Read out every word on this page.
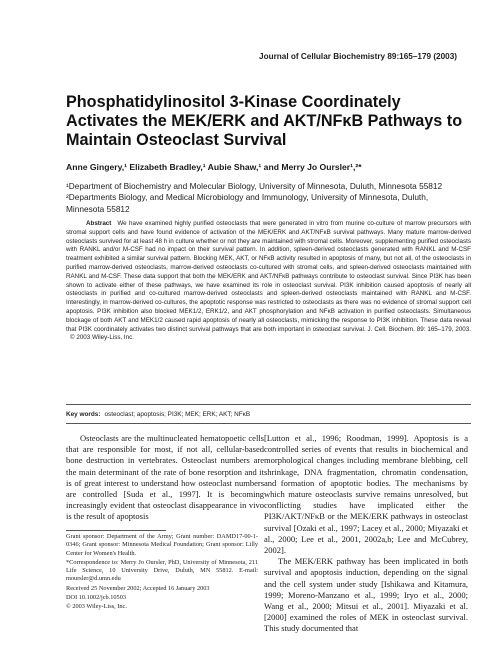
Journal of Cellular Biochemistry 89:165–179 (2003)
Phosphatidylinositol 3-Kinase Coordinately Activates the MEK/ERK and AKT/NFκB Pathways to Maintain Osteoclast Survival
Anne Gingery,¹ Elizabeth Bradley,¹ Aubie Shaw,¹ and Merry Jo Oursler¹,²*
¹Department of Biochemistry and Molecular Biology, University of Minnesota, Duluth, Minnesota 55812
²Departments Biology, and Medical Microbiology and Immunology, University of Minnesota, Duluth, Minnesota 55812
Abstract We have examined highly purified osteoclasts that were generated in vitro from murine co-culture of marrow precursors with stromal support cells and have found evidence of activation of the MEK/ERK and AKT/NFκB survival pathways. Many mature marrow-derived osteoclasts survived for at least 48 h in culture whether or not they are maintained with stromal cells. Moreover, supplementing purified osteoclasts with RANKL and/or M-CSF had no impact on their survival pattern. In addition, spleen-derived osteoclasts generated with RANKL and M-CSF treatment exhibited a similar survival pattern. Blocking MEK, AKT, or NFκB activity resulted in apoptosis of many, but not all, of the osteoclasts in purified marrow-derived osteoclasts, marrow-derived osteoclasts co-cultured with stromal cells, and spleen-derived osteoclasts maintained with RANKL and M-CSF. These data support that both the MEK/ERK and AKT/NFκB pathways contribute to osteoclast survival. Since PI3K has been shown to activate either of these pathways, we have examined its role in osteoclast survival. PI3K inhibition caused apoptosis of nearly all osteoclasts in purified and co-cultured marrow-derived osteoclasts and spleen-derived osteoclasts maintained with RANKL and M-CSF. Interestingly, in marrow-derived co-cultures, the apoptotic response was restricted to osteoclasts as there was no evidence of stromal support cell apoptosis. PI3K inhibition also blocked MEK1/2, ERK1/2, and AKT phosphorylation and NFκB activation in purified osteoclasts. Simultaneous blockage of both AKT and MEK1/2 caused rapid apoptosis of nearly all osteoclasts, mimicking the response to PI3K inhibition. These data reveal that PI3K coordinately activates two distinct survival pathways that are both important in osteoclast survival. J. Cell. Biochem. 89: 165–179, 2003. © 2003 Wiley-Liss, Inc.
Key words: osteoclast; apoptosis; PI3K; MEK; ERK; AKT; NFκB

Osteoclasts are the multinucleated hematopoetic cells that are responsible for most, if not all, cellular-based bone destruction in vertebrates. Osteoclast numbers are the main determinant of the rate of bone resorption and it is of great interest to understand how osteoclast numbers are controlled [Suda et al., 1997]. It is becoming increasingly evident that osteoclast disappearance in vivo is the result of apoptosis

Grant sponsor: Department of the Army; Grant number: DAMD17-00-1-0346; Grant sponsor: Minnesota Medical Foundation; Grant sponsor: Lilly Center for Women's Health.

*Correspondence to: Merry Jo Oursler, PhD, University of Minnesota, 211 Life Science, 10 University Drive, Duluth, MN 55812. E-mail: moursler@d.umn.edu

Received 25 November 2002; Accepted 16 January 2003

DOI 10.1002/jcb.10503

© 2003 Wiley-Liss, Inc.

[Lutton et al., 1996; Roodman, 1999]. Apoptosis is a controlled series of events that results in biochemical and morphological changes including membrane blebbing, cell shrinkage, DNA fragmentation, chromatin condensation, and formation of apoptotic bodies. The mechanisms by which mature osteoclasts survive remains unresolved, but conflicting studies have implicated either the PI3K/AKT/NFκB or the MEK/ERK pathways in osteoclast survival [Ozaki et al., 1997; Lacey et al., 2000; Miyazaki et al., 2000; Lee et al., 2001, 2002a,b; Lee and McCubrey, 2002].

The MEK/ERK pathway has been implicated in both survival and apoptosis induction, depending on the signal and the cell system under study [Ishikawa and Kitamura, 1999; Moreno-Manzano et al., 1999; Iryo et al., 2000; Wang et al., 2000; Mitsui et al., 2001]. Miyazaki et al. [2000] examined the roles of MEK in osteoclast survival. This study documented that
